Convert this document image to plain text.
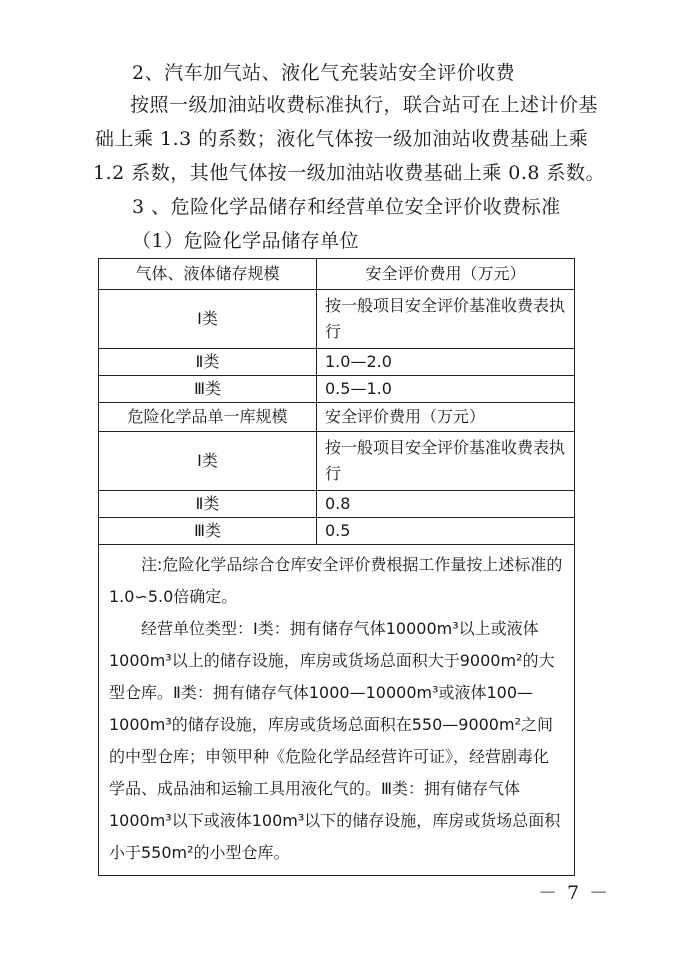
2、汽车加气站、液化气充装站安全评价收费
按照一级加油站收费标准执行，联合站可在上述计价基
础上乘 1.3 的系数；液化气体按一级加油站收费基础上乘
1.2 系数，其他气体按一级加油站收费基础上乘 0.8 系数。
3 、危险化学品储存和经营单位安全评价收费标准
（1）危险化学品储存单位
气体、液体储存规模	安全评价费用（万元）
Ⅰ类	按一般项目安全评价基准收费表执行
Ⅱ类	1.0—2.0
Ⅲ类	0.5—1.0
危险化学品单一库规模	安全评价费用（万元）
Ⅰ类	按一般项目安全评价基准收费表执行
Ⅱ类	0.8
Ⅲ类	0.5

注:危险化学品综合仓库安全评价费根据工作量按上述标准的1.0∽5.0倍确定。

经营单位类型：Ⅰ类：拥有储存气体10000m³以上或液体1000m³以上的储存设施，库房或货场总面积大于9000m²的大型仓库。Ⅱ类：拥有储存气体1000—10000m³或液体100—1000m³的储存设施，库房或货场总面积在550—9000m²之间的中型仓库；申领甲种《危险化学品经营许可证》，经营剧毒化学品、成品油和运输工具用液化气的。Ⅲ类：拥有储存气体1000m³以下或液体100m³以下的储存设施，库房或货场总面积小于550m²的小型仓库。	

－ 7 －
